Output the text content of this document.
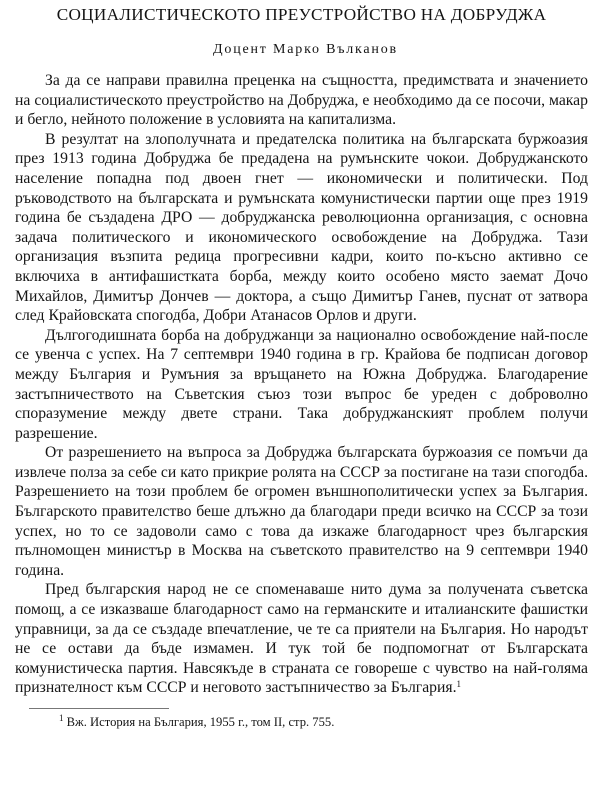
СОЦИАЛИСТИЧЕСКОТО ПРЕУСТРОЙСТВО НА ДОБРУДЖА
Доцент Марко Вълканов

За да се направи правилна преценка на същността, предимствата и значението на социалистическото преустройство на Добруджа, е необходимо да се посочи, макар и бегло, нейното положение в условията на капитализма.

В резултат на злополучната и предателска политика на българската буржоазия през 1913 година Добруджа бе предадена на румънските чокои. Добруджанското население попадна под двоен гнет — икономически и политически. Под ръководството на българската и румънската комунистически партии още през 1919 година бе създадена ДРО — добруджанска революционна организация, с основна задача политического и икономического освобождение на Добруджа. Тази организация възпита редица прогресивни кадри, които по-късно активно се включиха в антифашистката борба, между които особено място заемат Дочо Михайлов, Димитър Дончев — доктора, а също Димитър Ганев, пуснат от затвора след Крайовската спогодба, Добри Атанасов Орлов и други.

Дългогодишната борба на добруджанци за национално освобождение най-после се увенча с успех. На 7 септември 1940 година в гр. Крайова бе подписан договор между България и Румъния за връщането на Южна Добруджа. Благодарение застъпничеството на Съветския съюз този въпрос бе уреден с доброволно споразумение между двете страни. Така добруджанският проблем получи разрешение.

От разрешението на въпроса за Добруджа българската буржоазия се помъчи да извлече полза за себе си като прикрие ролята на СССР за постигане на тази спогодба. Разрешението на този проблем бе огромен външнополитически успех за България. Българското правителство беше длъжно да благодари преди всичко на СССР за този успех, но то се задоволи само с това да изкаже благодарност чрез българския пълномощен министър в Москва на съветското правителство на 9 септември 1940 година.

Пред българския народ не се споменаваше нито дума за получената съветска помощ, а се изказваше благодарност само на германските и италианските фашистки управници, за да се създаде впечатление, че те са приятели на България. Но народът не се остави да бъде измамен. И тук той бе подпомогнат от Българската комунистическа партия. Навсякъде в страната се говореше с чувство на най-голяма признателност към СССР и неговото застъпничество за България.$^1$

$^1$ Вж. История на България, 1955 г., том II, стр. 755.
